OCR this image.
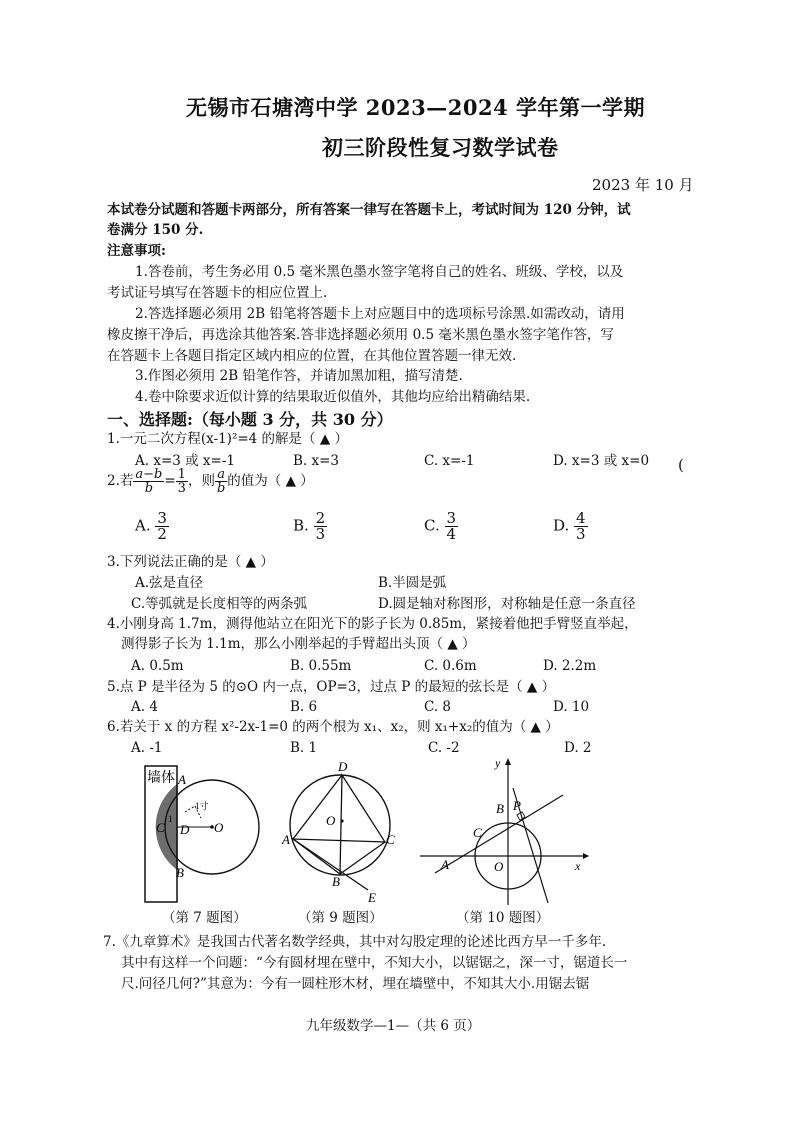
无锡市石塘湾中学 2023—2024 学年第一学期
初三阶段性复习数学试卷
2023 年 10 月
本试卷分试题和答题卡两部分，所有答案一律写在答题卡上，考试时间为 120 分钟，试
卷满分 150 分.
注意事项:
1.答卷前，考生务必用 0.5 毫米黑色墨水签字笔将自己的姓名、班级、学校，以及
考试证号填写在答题卡的相应位置上.
2.答选择题必须用 2B 铅笔将答题卡上对应题目中的选项标号涂黑.如需改动，请用
橡皮擦干净后，再选涂其他答案.答非选择题必须用 0.5 毫米黑色墨水签字笔作答，写
在答题卡上各题目指定区域内相应的位置，在其他位置答题一律无效.
3.作图必须用 2B 铅笔作答，并请加黑加粗，描写清楚.
4.卷中除要求近似计算的结果取近似值外，其他均应给出精确结果.
一、选择题:（每小题 3 分，共 30 分）
1.一元二次方程(x-1)²=4 的解是（ ▲ ）
A. x=3 或 x=-1	B. x=3	C. x=-1	D. x=3 或 x=0 (
2.若 $\frac{a-b}{b} = \frac{1}{3}$ ，则 $\frac{a}{b}$ 的值为（ ▲ ）
A. $\frac{3}{2}$	B. $\frac{2}{3}$	C. $\frac{3}{4}$	D. $\frac{4}{3}$
3.下列说法正确的是（ ▲ ）
A.弦是直径	B.半圆是弧
C.等弧就是长度相等的两条弧	D.圆是轴对称图形，对称轴是任意一条直径
4.小刚身高 1.7m，测得他站立在阳光下的影子长为 0.85m，紧接着他把手臂竖直举起，
测得影子长为 1.1m，那么小刚举起的手臂超出头顶（ ▲ ）
A. 0.5m	B. 0.55m	C. 0.6m	D. 2.2m
5.点 P 是半径为 5 的⊙O 内一点，OP=3，过点 P 的最短的弦长是（ ▲ ）
A. 4	B. 6	C. 8	D. 10
6.若关于 x 的方程 x²-2x-1=0 的两个根为 x₁、x₂，则 x₁+x₂的值为（ ▲ ）
A. -1	B. 1	C. -2	D. 2
墙体 A
B
C D O
1寸
1
（第 7 题图）
D
A
B
C
E
O
（第 9 题图）
x
y
A
B
C
P
O
（第 10 题图）
7.《九章算术》是我国古代著名数学经典，其中对勾股定理的论述比西方早一千多年.
其中有这样一个问题：“今有圆材埋在壁中，不知大小，以锯锯之，深一寸，锯道长一
尺.问径几何?”其意为：今有一圆柱形木材，埋在墙壁中，不知其大小.用锯去锯
九年级数学—1—（共 6 页）
